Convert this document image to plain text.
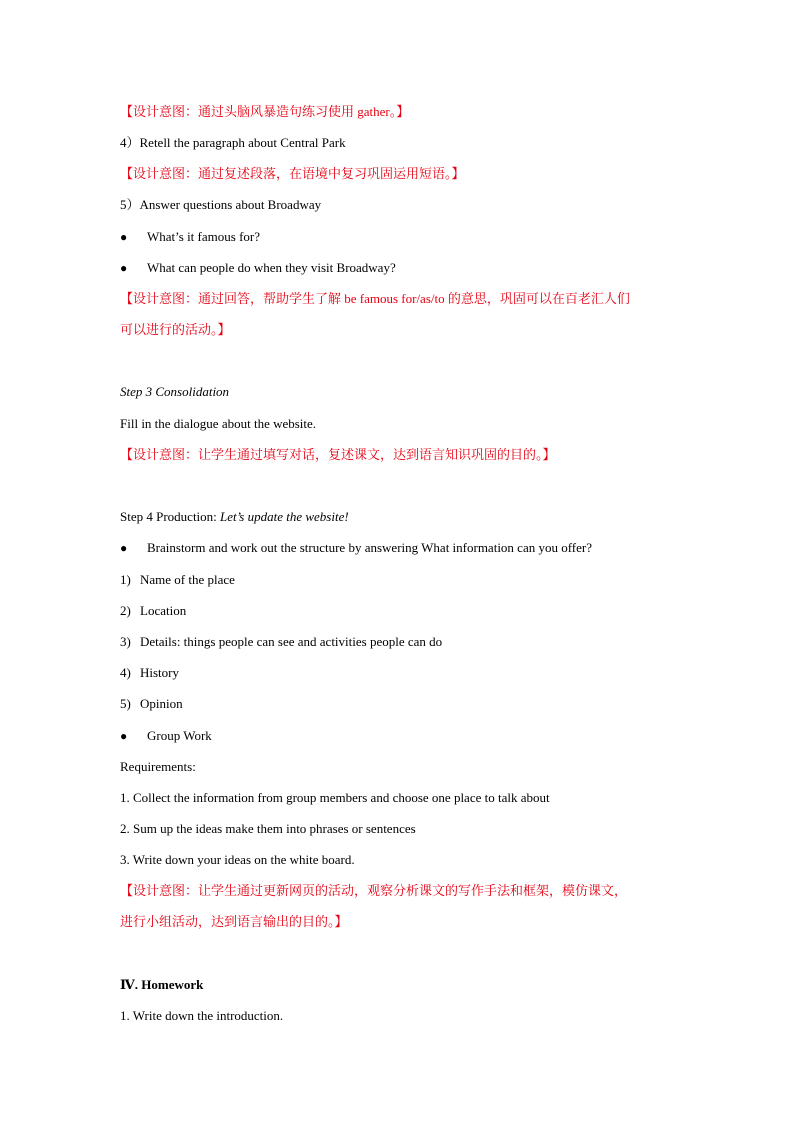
【设计意图：通过头脑风暴造句练习使用 gather。】
4）Retell the paragraph about Central Park
【设计意图：通过复述段落，在语境中复习巩固运用短语。】
5）Answer questions about Broadway
● What’s it famous for?
● What can people do when they visit Broadway?
【设计意图：通过回答，帮助学生了解 be famous for/as/to 的意思，巩固可以在百老汇人们
可以进行的活动。】
Step 3 Consolidation
Fill in the dialogue about the website.
【设计意图：让学生通过填写对话，复述课文，达到语言知识巩固的目的。】
Step 4 Production: Let’s update the website!
● Brainstorm and work out the structure by answering What information can you offer?
1) Name of the place
2) Location
3) Details: things people can see and activities people can do
4) History
5) Opinion
● Group Work
Requirements:
1. Collect the information from group members and choose one place to talk about
2. Sum up the ideas make them into phrases or sentences
3. Write down your ideas on the white board.
【设计意图：让学生通过更新网页的活动，观察分析课文的写作手法和框架，模仿课文，
进行小组活动，达到语言输出的目的。】
Ⅳ. Homework
1. Write down the introduction.
